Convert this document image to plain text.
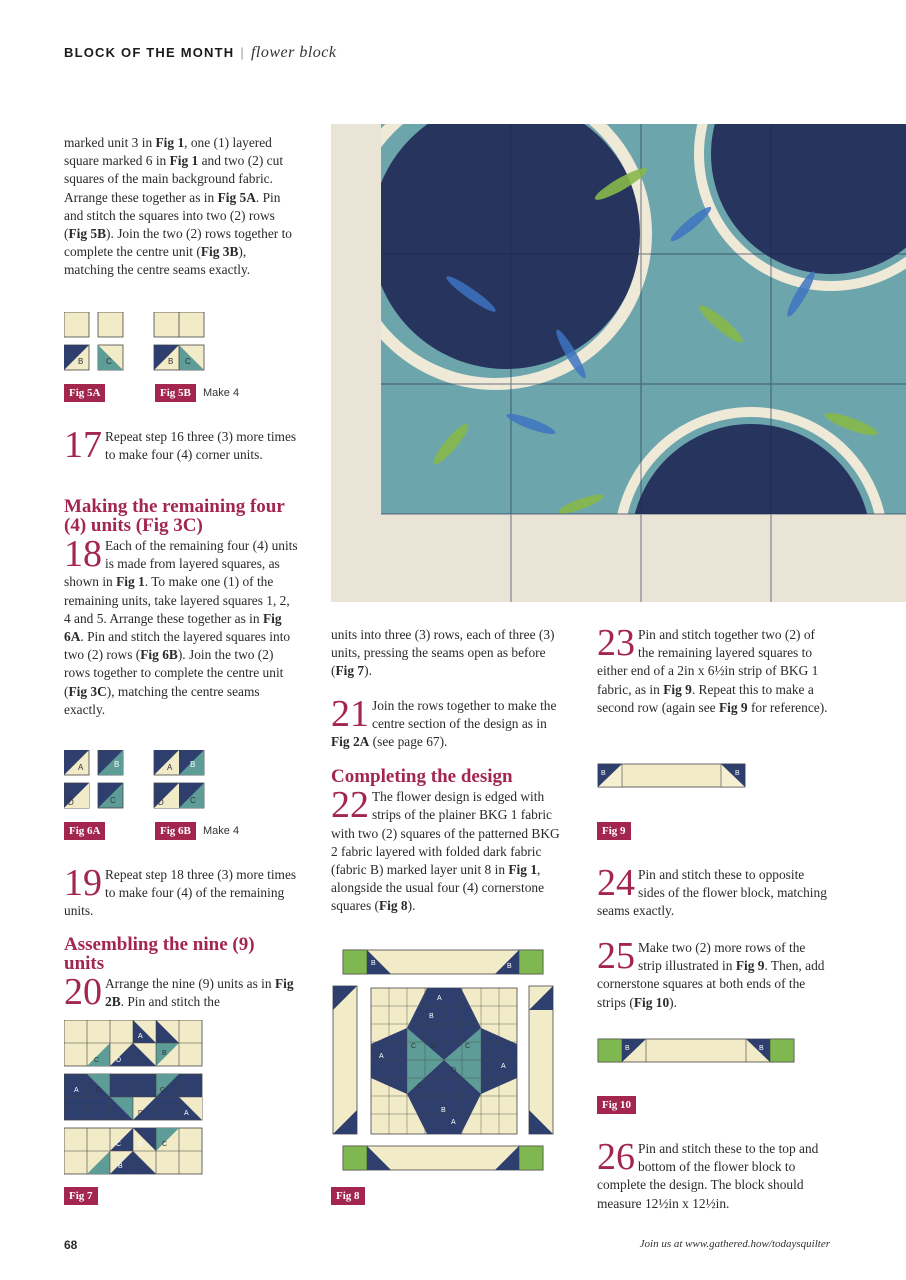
BLOCK OF THE MONTH | flower block

marked unit 3 in Fig 1, one (1) layered square marked 6 in Fig 1 and two (2) cut squares of the main background fabric. Arrange these together as in Fig 5A. Pin and stitch the squares into two (2) rows (Fig 5B). Join the two (2) rows together to complete the centre unit (Fig 3B), matching the centre seams exactly.

B	C	B C
Fig 5A	Fig 5B	Make 4
17 Repeat step 16 three (3) more times to make four (4) corner units.

Making the remaining four (4) units (Fig 3C)
18 Each of the remaining four (4) units is made from layered squares, as shown in Fig 1. To make one (1) of the remaining units, take layered squares 1, 2, 4 and 5. Arrange these together as in Fig 6A. Pin and stitch the layered squares into two (2) rows (Fig 6B). Join the two (2) rows together to complete the centre unit (Fig 3C), matching the centre seams exactly.

A	B
D	C
A B
D	C
Fig 6A	Fig 6B	Make 4
19 Repeat step 18 three (3) more times to make four (4) of the remaining units.

Assembling the nine (9) units
20 Arrange the nine (9) units as in Fig 2B. Pin and stitch the

A
B
C D
A C
D
C
A
C D
B
C
Fig 7

units into three (3) rows, each of three (3) units, pressing the seams open as before (Fig 7).

21 Join the rows together to make the centre section of the design as in Fig 2A (see page 67).

Completing the design
22 The flower design is edged with strips of the plainer BKG 1 fabric with two (2) squares of the patterned BKG 2 fabric layered with folded dark fabric (fabric B) marked layer unit 8 in Fig 1, alongside the usual four (4) cornerstone squares (Fig 8).

A
B
C D
A
C
D
A
B
A
C
B	B
Fig 8
23 Pin and stitch together two (2) of the remaining layered squares to either end of a 2in x 6½in strip of BKG 1 fabric, as in Fig 9. Repeat this to make a second row (again see Fig 9 for reference).

B	B
Fig 9
24 Pin and stitch these to opposite sides of the flower block, matching seams exactly.

25 Make two (2) more rows of the strip illustrated in Fig 9. Then, add cornerstone squares at both ends of the strips (Fig 10).

B	B
Fig 10
26 Pin and stitch these to the top and bottom of the flower block to complete the design. The block should measure 12½in x 12½in.

68	Join us at www.gathered.how/todaysquilter
